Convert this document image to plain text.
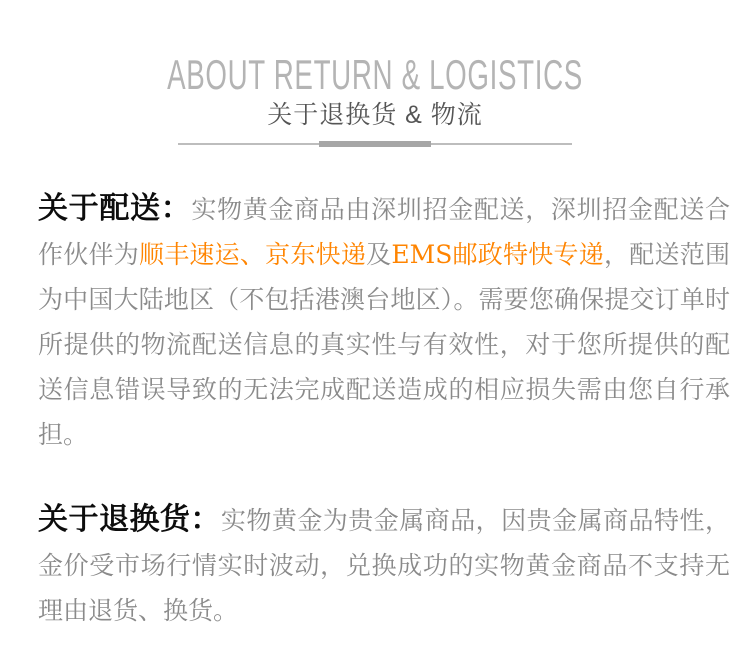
ABOUT RETURN & LOGISTICS
关于退换货 & 物流

关于配送：实物黄金商品由深圳招金配送，深圳招金配送合作伙伴为顺丰速运、京东快递及EMS邮政特快专递，配送范围为中国大陆地区（不包括港澳台地区）。需要您确保提交订单时所提供的物流配送信息的真实性与有效性，对于您所提供的配送信息错误导致的无法完成配送造成的相应损失需由您自行承担。

关于退换货：实物黄金为贵金属商品，因贵金属商品特性，金价受市场行情实时波动，兑换成功的实物黄金商品不支持无理由退货、换货。
